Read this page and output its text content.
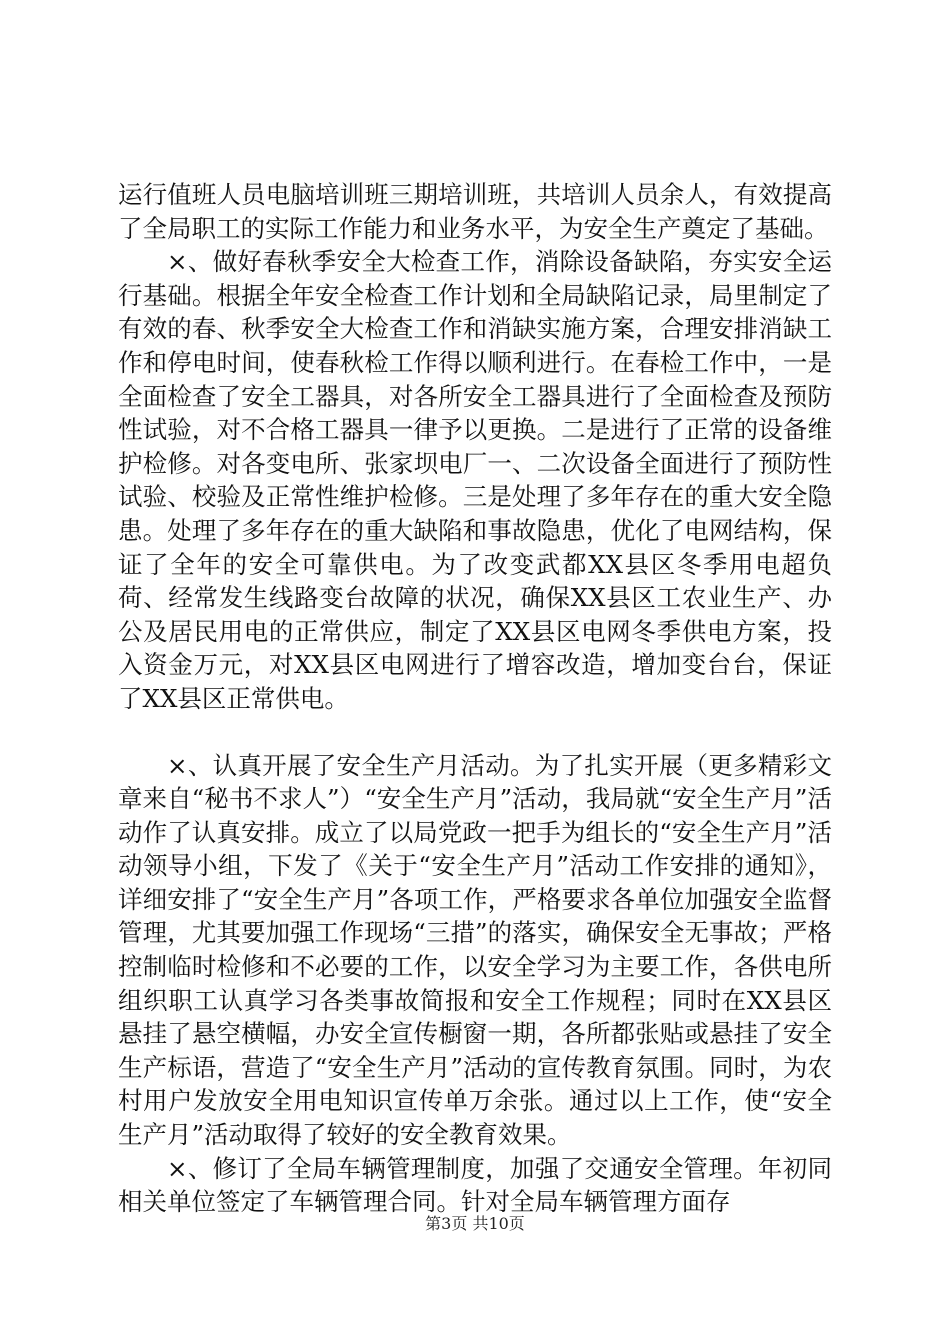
运行值班人员电脑培训班三期培训班，共培训人员余人，有效提高了全局职工的实际工作能力和业务水平，为安全生产奠定了基础。

×、做好春秋季安全大检查工作，消除设备缺陷，夯实安全运行基础。根据全年安全检查工作计划和全局缺陷记录，局里制定了有效的春、秋季安全大检查工作和消缺实施方案，合理安排消缺工作和停电时间，使春秋检工作得以顺利进行。在春检工作中，一是全面检查了安全工器具，对各所安全工器具进行了全面检查及预防性试验，对不合格工器具一律予以更换。二是进行了正常的设备维护检修。对各变电所、张家坝电厂一、二次设备全面进行了预防性试验、校验及正常性维护检修。三是处理了多年存在的重大安全隐患。处理了多年存在的重大缺陷和事故隐患，优化了电网结构，保证了全年的安全可靠供电。为了改变武都XX县区冬季用电超负荷、经常发生线路变台故障的状况，确保XX县区工农业生产、办公及居民用电的正常供应，制定了XX县区电网冬季供电方案，投入资金万元，对XX县区电网进行了增容改造，增加变台台，保证了XX县区正常供电。

×、认真开展了安全生产月活动。为了扎实开展（更多精彩文章来自“秘书不求人”）“安全生产月”活动，我局就“安全生产月”活动作了认真安排。成立了以局党政一把手为组长的“安全生产月”活动领导小组，下发了《关于“安全生产月”活动工作安排的通知》，详细安排了“安全生产月”各项工作，严格要求各单位加强安全监督管理，尤其要加强工作现场“三措”的落实，确保安全无事故；严格控制临时检修和不必要的工作，以安全学习为主要工作，各供电所组织职工认真学习各类事故简报和安全工作规程；同时在XX县区悬挂了悬空横幅，办安全宣传橱窗一期，各所都张贴或悬挂了安全生产标语，营造了“安全生产月”活动的宣传教育氛围。同时，为农村用户发放安全用电知识宣传单万余张。通过以上工作，使“安全生产月”活动取得了较好的安全教育效果。

×、修订了全局车辆管理制度，加强了交通安全管理。年初同相关单位签定了车辆管理合同。针对全局车辆管理方面存

第3页 共10页
